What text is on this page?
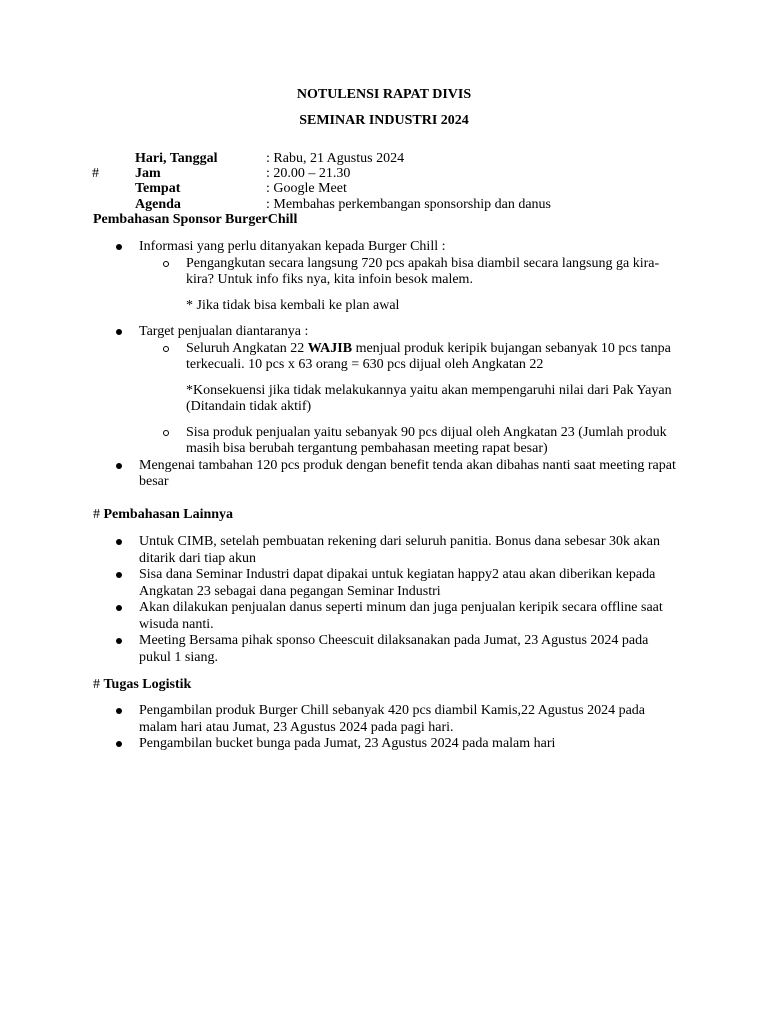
NOTULENSI RAPAT DIVIS
SEMINAR INDUSTRI 2024
#
Hari, Tanggal	: Rabu, 21 Agustus 2024
Jam	: 20.00 – 21.30
Tempat	: Google Meet
Agenda	: Membahas perkembangan sponsorship dan danus
Pembahasan Sponsor BurgerChill
Informasi yang perlu ditanyakan kepada Burger Chill :
Pengangkutan secara langsung 720 pcs apakah bisa diambil secara langsung ga kira-kira? Untuk info fiks nya, kita infoin besok malem.
* Jika tidak bisa kembali ke plan awal
Target penjualan diantaranya :
Seluruh Angkatan 22 WAJIB menjual produk keripik bujangan sebanyak 10 pcs tanpa terkecuali. 10 pcs x 63 orang = 630 pcs dijual oleh Angkatan 22
*Konsekuensi jika tidak melakukannya yaitu akan mempengaruhi nilai dari Pak Yayan (Ditandain tidak aktif)
Sisa produk penjualan yaitu sebanyak 90 pcs dijual oleh Angkatan 23 (Jumlah produk masih bisa berubah tergantung pembahasan meeting rapat besar)
Mengenai tambahan 120 pcs produk dengan benefit tenda akan dibahas nanti saat meeting rapat besar
# Pembahasan Lainnya
Untuk CIMB, setelah pembuatan rekening dari seluruh panitia. Bonus dana sebesar 30k akan ditarik dari tiap akun
Sisa dana Seminar Industri dapat dipakai untuk kegiatan happy2 atau akan diberikan kepada Angkatan 23 sebagai dana pegangan Seminar Industri
Akan dilakukan penjualan danus seperti minum dan juga penjualan keripik secara offline saat wisuda nanti.
Meeting Bersama pihak sponso Cheescuit dilaksanakan pada Jumat, 23 Agustus 2024 pada pukul 1 siang.
# Tugas Logistik
Pengambilan produk Burger Chill sebanyak 420 pcs diambil Kamis,22 Agustus 2024 pada malam hari atau Jumat, 23 Agustus 2024 pada pagi hari.
Pengambilan bucket bunga pada Jumat, 23 Agustus 2024 pada malam hari
